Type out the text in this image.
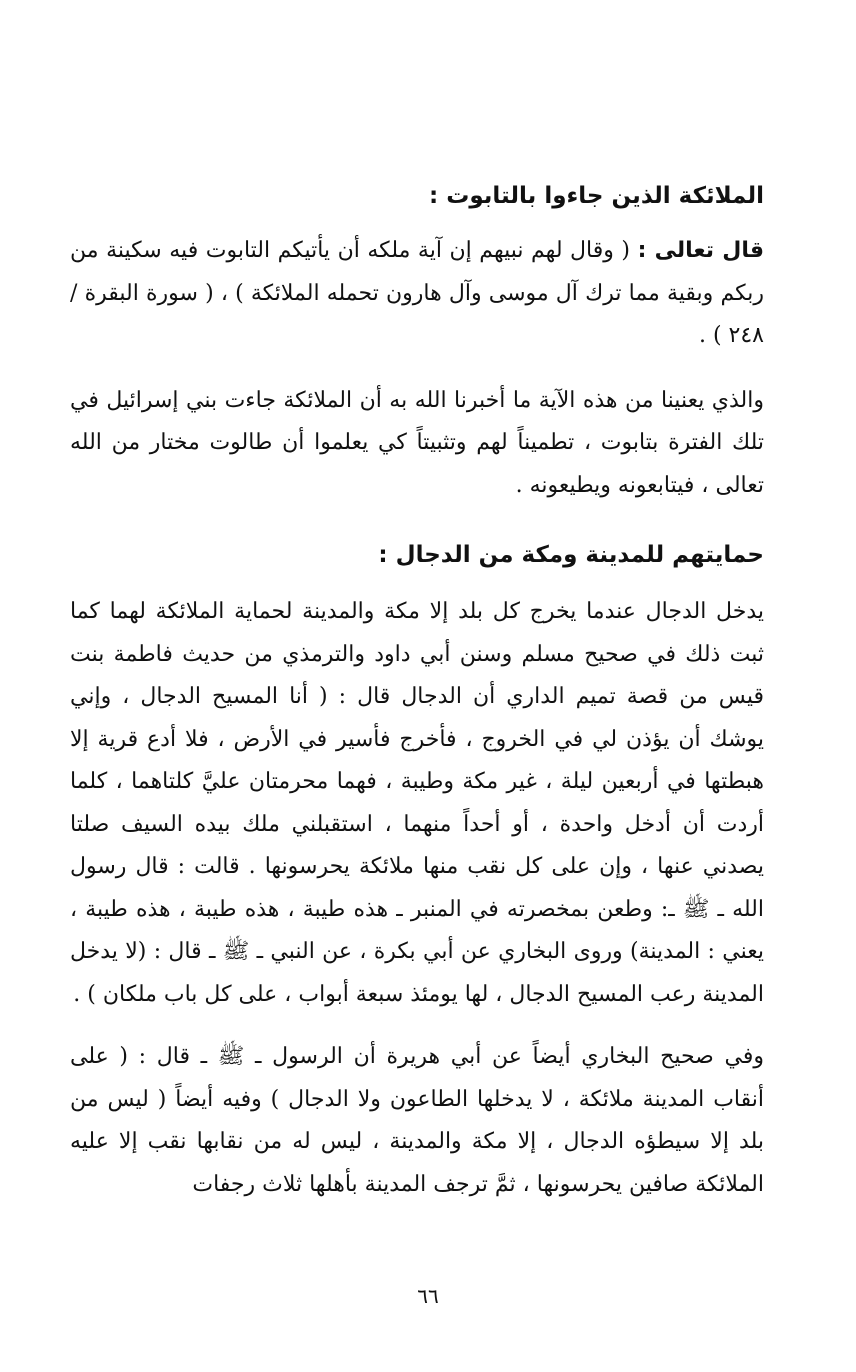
الملائكة الذين جاءوا بالتابوت :

قال تعالى : ( وقال لهم نبيهم إن آية ملكه أن يأتيكم التابوت فيه سكينة من ربكم وبقية مما ترك آل موسى وآل هارون تحمله الملائكة ) ، ( سورة البقرة / ٢٤٨ ) .

والذي يعنينا من هذه الآية ما أخبرنا الله به أن الملائكة جاءت بني إسرائيل في تلك الفترة بتابوت ، تطميناً لهم وتثبيتاً كي يعلموا أن طالوت مختار من الله تعالى ، فيتابعونه ويطيعونه .

حمايتهم للمدينة ومكة من الدجال :

يدخل الدجال عندما يخرج كل بلد إلا مكة والمدينة لحماية الملائكة لهما كما ثبت ذلك في صحيح مسلم وسنن أبي داود والترمذي من حديث فاطمة بنت قيس من قصة تميم الداري أن الدجال قال : ( أنا المسيح الدجال ، وإني يوشك أن يؤذن لي في الخروج ، فأخرج فأسير في الأرض ، فلا أدع قرية إلا هبطتها في أربعين ليلة ، غير مكة وطيبة ، فهما محرمتان عليَّ كلتاهما ، كلما أردت أن أدخل واحدة ، أو أحداً منهما ، استقبلني ملك بيده السيف صلتا يصدني عنها ، وإن على كل نقب منها ملائكة يحرسونها . قالت : قال رسول الله ـ ﷺ ـ: وطعن بمخصرته في المنبر ـ هذه طيبة ، هذه طيبة ، هذه طيبة ، يعني : المدينة) وروى البخاري عن أبي بكرة ، عن النبي ـ ﷺ ـ قال : (لا يدخل المدينة رعب المسيح الدجال ، لها يومئذ سبعة أبواب ، على كل باب ملكان ) .

وفي صحيح البخاري أيضاً عن أبي هريرة أن الرسول ـ ﷺ ـ قال : ( على أنقاب المدينة ملائكة ، لا يدخلها الطاعون ولا الدجال ) وفيه أيضاً ( ليس من بلد إلا سيطؤه الدجال ، إلا مكة والمدينة ، ليس له من نقابها نقب إلا عليه الملائكة صافين يحرسونها ، ثمَّ ترجف المدينة بأهلها ثلاث رجفات

٦٦
